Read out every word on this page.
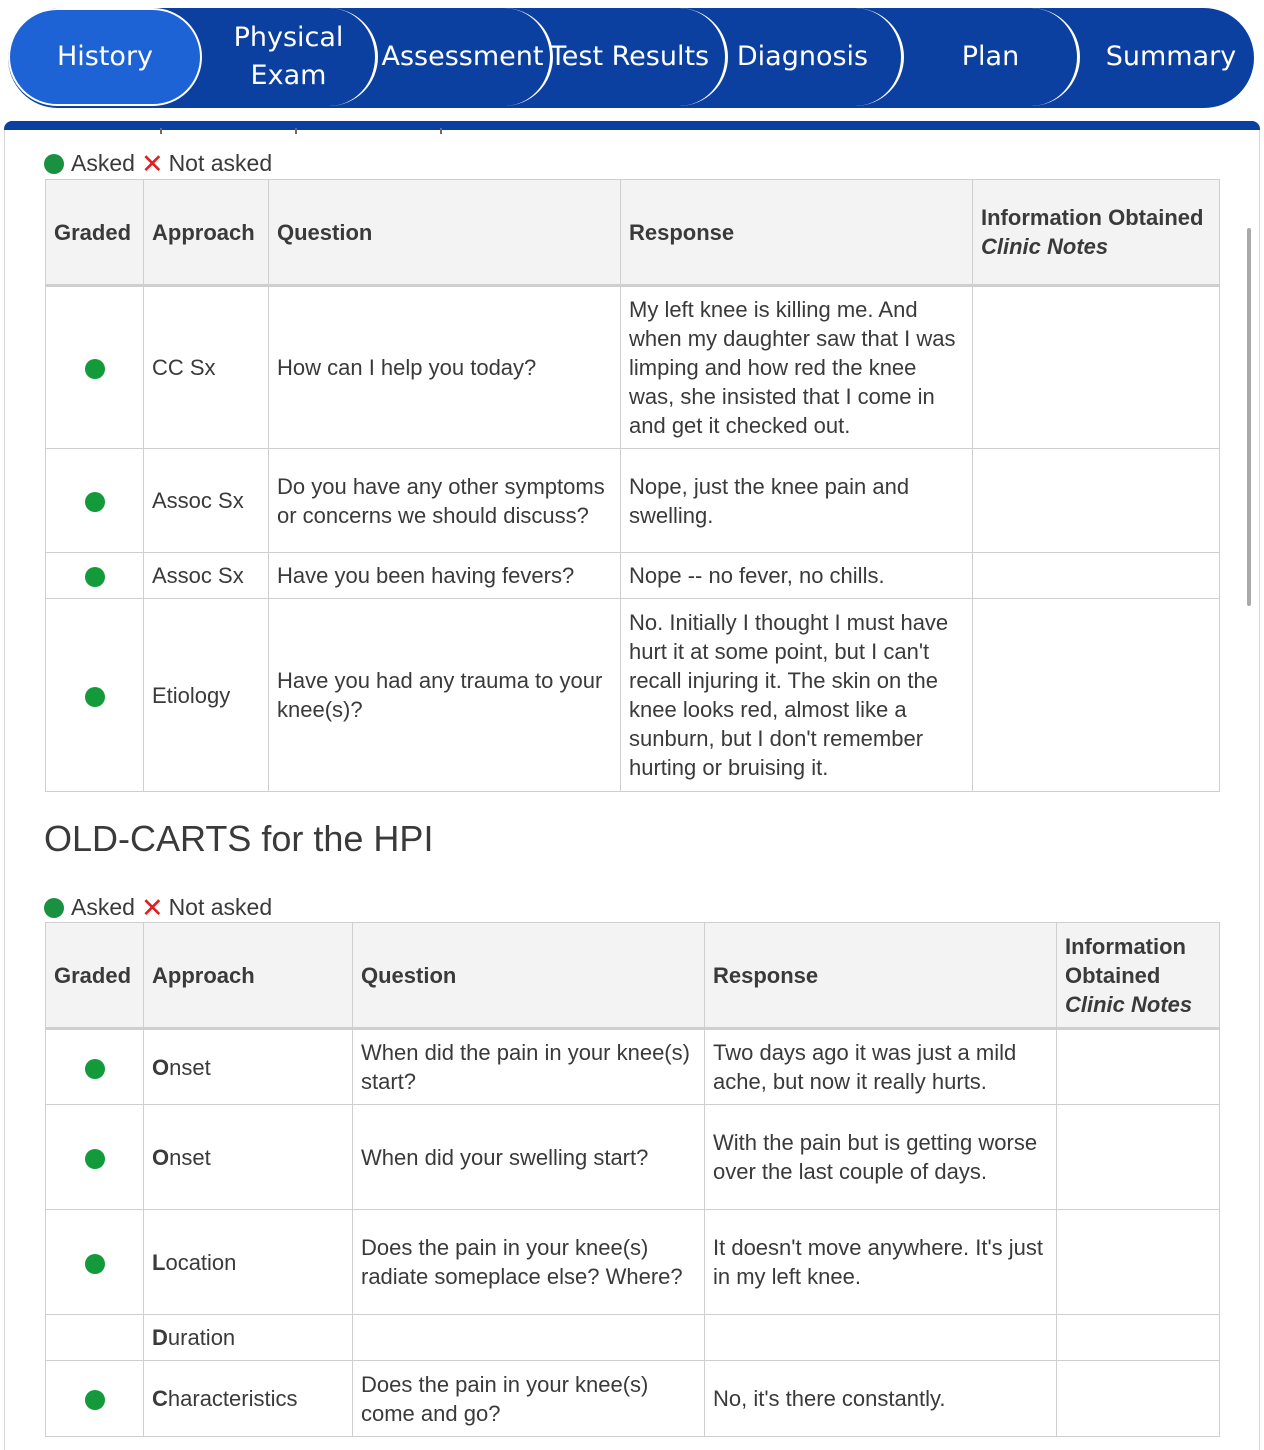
Summary
Plan
Diagnosis
Test Results
Assessment
Physical Exam
History
Asked ✕ Not asked
Graded	Approach	Question	Response	Information Obtained Clinic Notes
	CC Sx	How can I help you today?	My left knee is killing me. And when my daughter saw that I was limping and how red the knee was, she insisted that I come in and get it checked out.	
	Assoc Sx	Do you have any other symptoms or concerns we should discuss?	Nope, just the knee pain and swelling.	
	Assoc Sx	Have you been having fevers?	Nope -- no fever, no chills.	
	Etiology	Have you had any trauma to your knee(s)?	No. Initially I thought I must have hurt it at some point, but I can't recall injuring it. The skin on the knee looks red, almost like a sunburn, but I don't remember hurting or bruising it.	
OLD-CARTS for the HPI
Asked ✕ Not asked
Graded	Approach	Question	Response	Information Obtained Clinic Notes
	Onset	When did the pain in your knee(s) start?	Two days ago it was just a mild ache, but now it really hurts.	
	Onset	When did your swelling start?	With the pain but is getting worse over the last couple of days.	
	Location	Does the pain in your knee(s) radiate someplace else? Where?	It doesn't move anywhere. It's just in my left knee.	
	Duration			
	Characteristics	Does the pain in your knee(s) come and go?	No, it's there constantly.	
